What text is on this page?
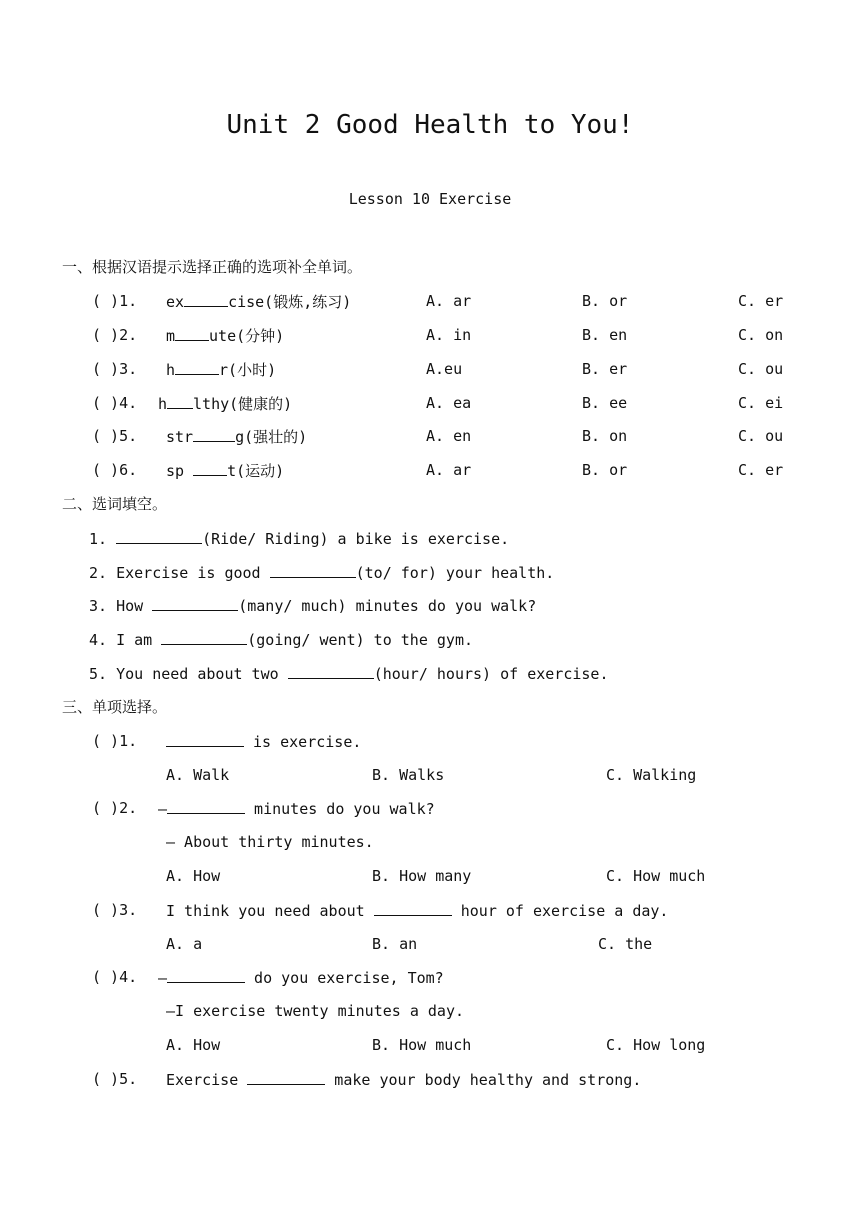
Unit 2 Good Health to You!
Lesson 10 Exercise
一、根据汉语提示选择正确的选项补全单词。
( )1. ex	cise(锻炼,练习)	A. ar	B. or	C. er
( )2. m ute(分钟)	A. in	B. en	C. on
( )3. h	r(小时)	A.eu	B. er	C. ou
( )4. h lthy(健康的)	A. ea	B. ee	C. ei
( )5. str	g(强壮的)	A. en	B. on	C. ou
( )6. sp t(运动)	A. ar	B. or	C. er
二、选词填空。
1.	(Ride/ Riding) a bike is exercise.
2. Exercise is good	(to/ for) your health.
3. How	(many/ much) minutes do you walk?
4. I am	(going/ went) to the gym.
5. You need about two	(hour/ hours) of exercise.
三、单项选择。
( )1.	is exercise.
A. Walk	B. Walks	C. Walking
( )2. —	minutes do you walk?
— About thirty minutes.
A. How	B. How many	C. How much
( )3. I think you need about	hour of exercise a day.
A. a	B. an	C. the
( )4. —	do you exercise, Tom?
—I exercise twenty minutes a day.
A. How	B. How much	C. How long
( )5. Exercise	make your body healthy and strong.
